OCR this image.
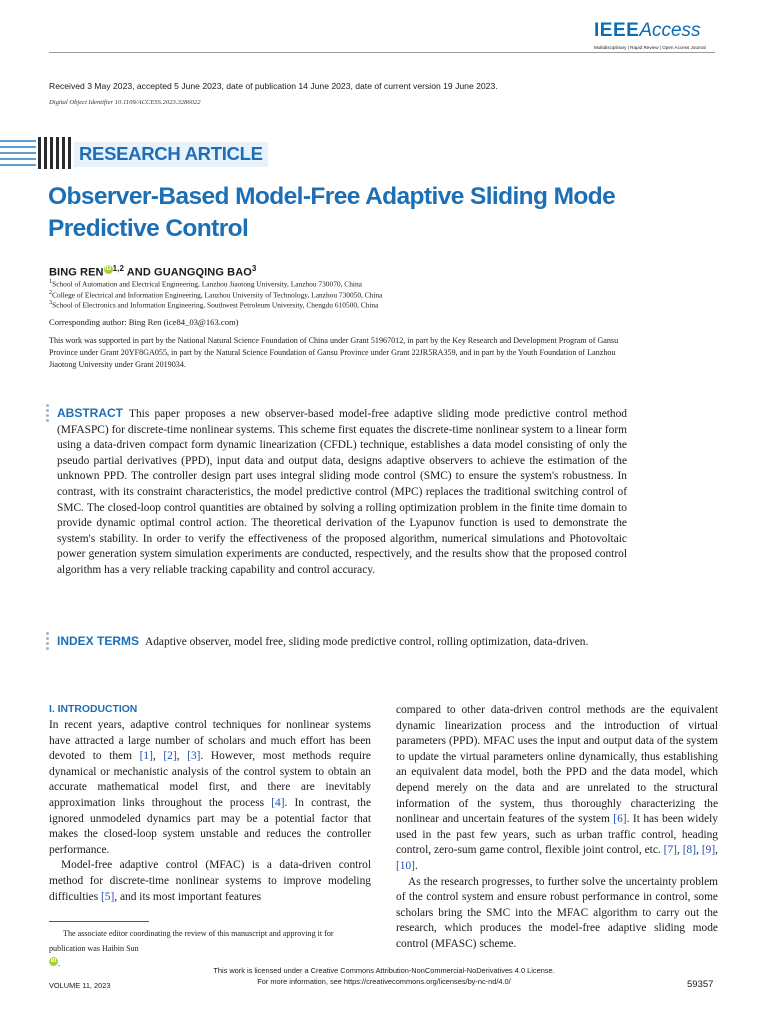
IEEEAccess
Multidisciplinary | Rapid Review | Open Access Journal
Received 3 May 2023, accepted 5 June 2023, date of publication 14 June 2023, date of current version 19 June 2023.
Digital Object Identifier 10.1109/ACCESS.2023.3286022
RESEARCH ARTICLE
Observer-Based Model-Free Adaptive Sliding Mode Predictive Control
BING RENiD$^{1,2}$ AND GUANGQING BAO$^3$
$^1$School of Automation and Electrical Engineering, Lanzhou Jiaotong University, Lanzhou 730070, China
$^2$College of Electrical and Information Engineering, Lanzhou University of Technology, Lanzhou 730050, China
$^3$School of Electronics and Information Engineering, Southwest Petroleum University, Chengdu 610500, China
Corresponding author: Bing Ren (ice84_03@163.com)
This work was supported in part by the National Natural Science Foundation of China under Grant 51967012, in part by the Key Research and Development Program of Gansu Province under Grant 20YF8GA055, in part by the Natural Science Foundation of Gansu Province under Grant 22JR5RA359, and in part by the Youth Foundation of Lanzhou Jiaotong University under Grant 2019034.
ABSTRACT This paper proposes a new observer-based model-free adaptive sliding mode predictive control method (MFASPC) for discrete-time nonlinear systems. This scheme first equates the discrete-time nonlinear system to a linear form using a data-driven compact form dynamic linearization (CFDL) technique, establishes a data model consisting of only the pseudo partial derivatives (PPD), input data and output data, designs adaptive observers to achieve the estimation of the unknown PPD. The controller design part uses integral sliding mode control (SMC) to ensure the system's robustness. In contrast, with its constraint characteristics, the model predictive control (MPC) replaces the traditional switching control of SMC. The closed-loop control quantities are obtained by solving a rolling optimization problem in the finite time domain to provide dynamic optimal control action. The theoretical derivation of the Lyapunov function is used to demonstrate the system's stability. In order to verify the effectiveness of the proposed algorithm, numerical simulations and Photovoltaic power generation system simulation experiments are conducted, respectively, and the results show that the proposed control algorithm has a very reliable tracking capability and control accuracy.
INDEX TERMS Adaptive observer, model free, sliding mode predictive control, rolling optimization, data-driven.
I. INTRODUCTION

In recent years, adaptive control techniques for nonlinear systems have attracted a large number of scholars and much effort has been devoted to them [1], [2], [3]. However, most methods require dynamical or mechanistic analysis of the control system to obtain an accurate mathematical model first, and there are inevitably approximation links throughout the process [4]. In contrast, the ignored unmodeled dynamics part may be a potential factor that makes the closed-loop system unstable and reduces the controller performance.

Model-free adaptive control (MFAC) is a data-driven control method for discrete-time nonlinear systems to improve modeling difficulties [5], and its most important features

compared to other data-driven control methods are the equivalent dynamic linearization process and the introduction of virtual parameters (PPD). MFAC uses the input and output data of the system to update the virtual parameters online dynamically, thus establishing an equivalent data model, both the PPD and the data model, which depend merely on the data and are unrelated to the structural information of the system, thus thoroughly characterizing the nonlinear and uncertain features of the system [6]. It has been widely used in the past few years, such as urban traffic control, heading control, zero-sum game control, flexible joint control, etc. [7], [8], [9], [10].

As the research progresses, to further solve the uncertainty problem of the control system and ensure robust performance in control, some scholars bring the SMC into the MFAC algorithm to carry out the research, which produces the model-free adaptive sliding mode control (MFASC) scheme.

The associate editor coordinating the review of this manuscript and approving it for publication was Haibin Sun iD .
This work is licensed under a Creative Commons Attribution-NonCommercial-NoDerivatives 4.0 License.
For more information, see https://creativecommons.org/licenses/by-nc-nd/4.0/
VOLUME 11, 2023	59357
